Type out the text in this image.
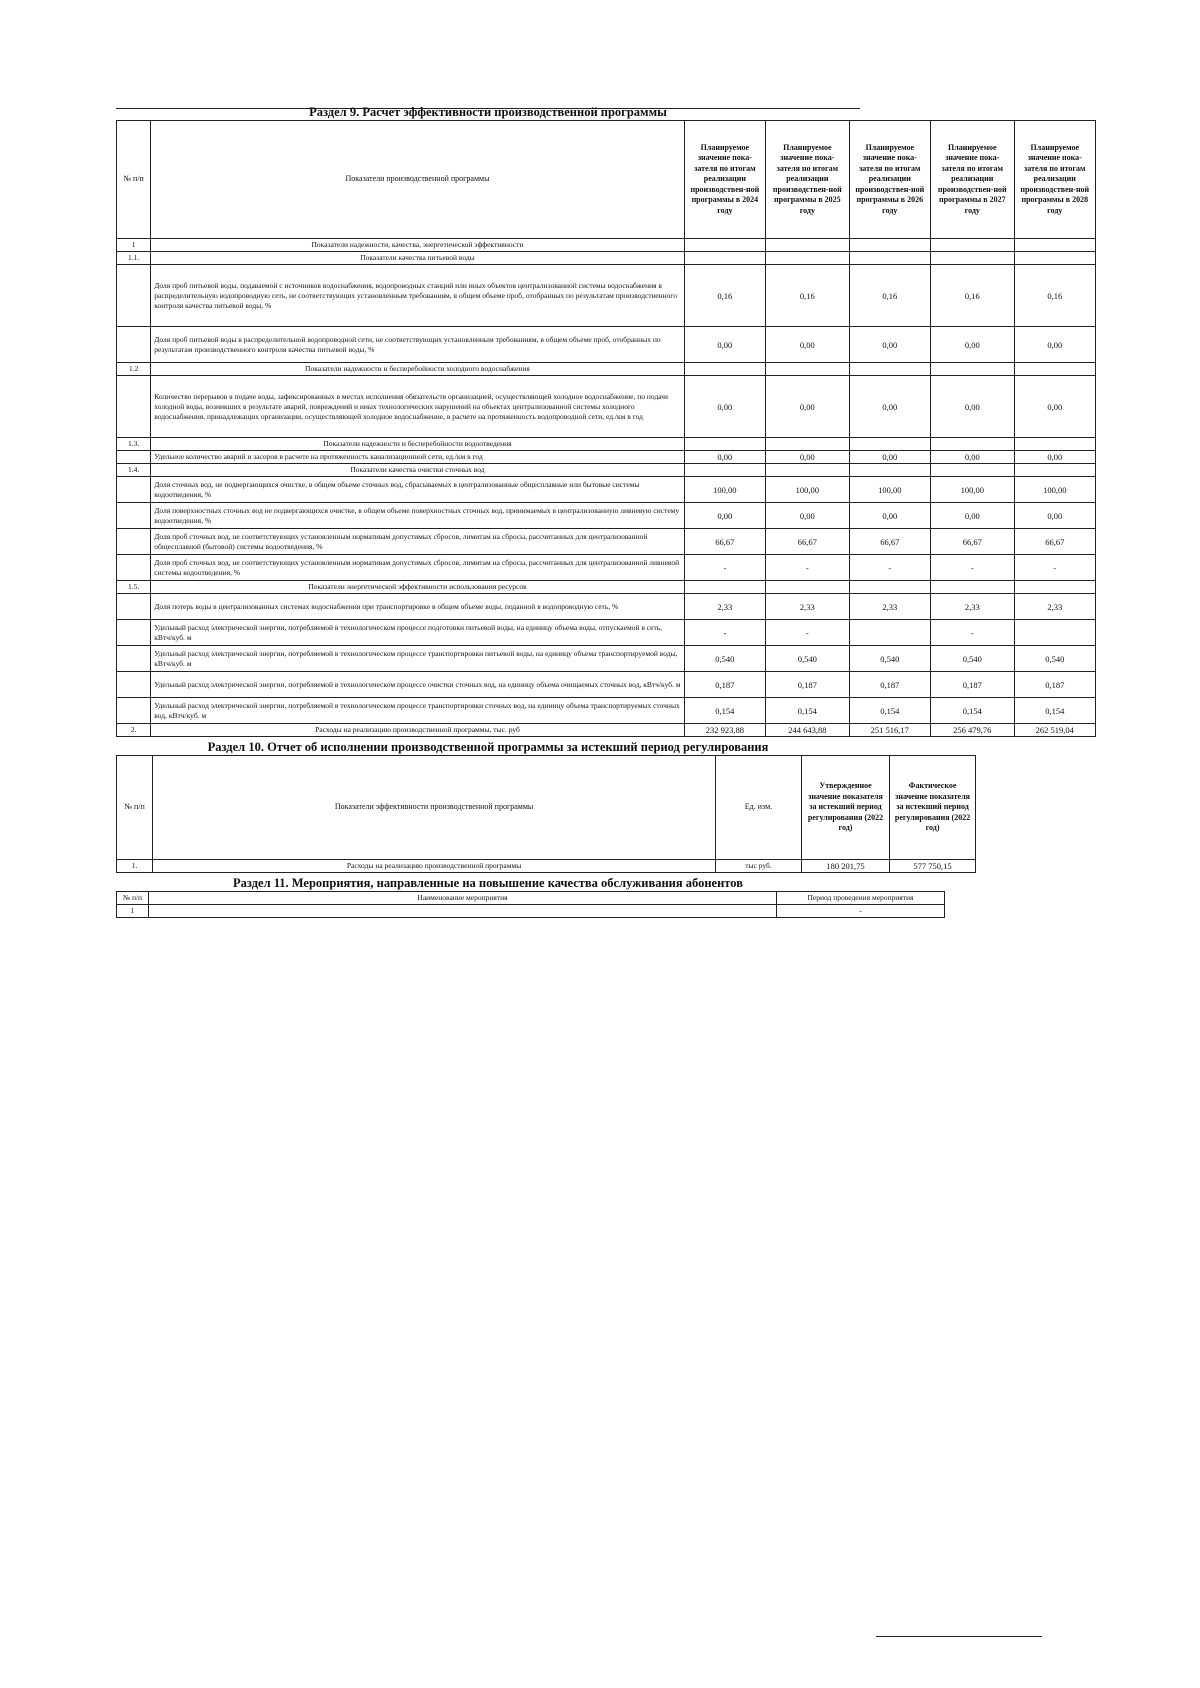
Раздел 9. Расчет эффективности производственной программы
№ п/п	Показатели производственной программы	Планируемое значение пока-зателя по итогам реализации производствен-ной программы в 2024 году	Планируемое значение пока-зателя по итогам реализации производствен-ной программы в 2025 году	Планируемое значение пока-зателя по итогам реализации производствен-ной программы в 2026 году	Планируемое значение пока-зателя по итогам реализации производствен-ной программы в 2027 году	Планируемое значение пока-зателя по итогам реализации производствен-ной программы в 2028 году
1	Показатели надежности, качества, энергетической эффективности					
1.1.	Показатели качества питьевой воды					
	Доля проб питьевой воды, подаваемой с источников водоснабжения, водопроводных станций или иных объектов централизованной системы водоснабжения в распределительную водопроводную сеть, не соответствующих установленным требованиям, в общем объеме проб, отобранных по результатам производственного контроля качества питьевой воды, %	0,16	0,16	0,16	0,16	0,16
	Доля проб питьевой воды в распределительной водопроводной сети, не соответствующих установленным требованиям, в общем объеме проб, отобранных по результатам производственного контроля качества питьевой воды, %	0,00	0,00	0,00	0,00	0,00
1.2	Показатели надежности и бесперебойности холодного водоснабжения					
	Количество перерывов в подаче воды, зафиксированных в местах исполнения обязательств организацией, осуществляющей холодное водоснабжение, по подаче холодной воды, возникших в результате аварий, повреждений и иных технологических нарушений на объектах централизованной системы холодного водоснабжения, принадлежащих организации, осуществляющей холодное водоснабжение, в расчете на протяженность водопроводной сети, ед./км в год	0,00	0,00	0,00	0,00	0,00
1.3.	Показатели надежности и бесперебойности водоотведения					
	Удельное количество аварий и засоров в расчете на протяженность канализационной сети, ед./км в год	0,00	0,00	0,00	0,00	0,00
1.4.	Показатели качества очистки сточных вод					
	Доля сточных вод, не подвергающихся очистке, в общем объеме сточных вод, сбрасываемых в централизованные общесплавные или бытовые системы водоотведения, %	100,00	100,00	100,00	100,00	100,00
	Доля поверхностных сточных вод не подвергающихся очистке, в общем объеме поверхностных сточных вод, принимаемых в централизованную ливневую систему водоотведения, %	0,00	0,00	0,00	0,00	0,00
	Доля проб сточных вод, не соответствующих установленным нормативам допустимых сбросов, лимитам на сбросы, рассчитанных для централизованной общесплавной (бытовой) системы водоотведения, %	66,67	66,67	66,67	66,67	66,67
	Доля проб сточных вод, не соответствующих установленным нормативам допустимых сбросов, лимитам на сбросы, рассчитанных для централизованной ливневой системы водоотведения, %	-	-	-	-	-
1.5.	Показатели энергетической эффективности использования ресурсов					
	Доля потерь воды в централизованных системах водоснабжения при транспортировке в общем объеме воды, поданной в водопроводную сеть, %	2,33	2,33	2,33	2,33	2,33
	Удельный расход электрической энергии, потребляемой в технологическом процессе подготовки питьевой воды, на единицу объема воды, отпускаемой в сеть, кВтч/куб. м	-	-		-	
	Удельный расход электрической энергии, потребляемой в технологическом процессе транспортировки питьевой воды, на единицу объема транспортируемой воды, кВтч/куб. м	0,540	0,540	0,540	0,540	0,540
	Удельный расход электрической энергии, потребляемой в технологическом процессе очистки сточных вод, на единицу объема очищаемых сточных вод, кВтч/куб. м	0,187	0,187	0,187	0,187	0,187
	Удельный расход электрической энергии, потребляемой в технологическом процессе транспортировки сточных вод, на единицу объема транспортируемых сточных вод, кВтч/куб. м	0,154	0,154	0,154	0,154	0,154
2.	Расходы на реализацию производственной программы, тыс. руб	232 923,88	244 643,88	251 516,17	256 479,76	262 519,04
Раздел 10. Отчет об исполнении производственной программы за истекший период регулирования
№ п/п	Показатели эффективности производственной программы	Ед. изм.	Утвержденное значение показателя за истекший период регулирования (2022 год)	Фактическое значение показателя за истекший период регулирования (2022 год)
1.	Расходы на реализацию производственной программы	тыс руб.	180 201,75	577 750,15
Раздел 11. Мероприятия, направленные на повышение качества обслуживания абонентов
№ п/п	Наименование мероприятия	Период проведения мероприятия
1		-
